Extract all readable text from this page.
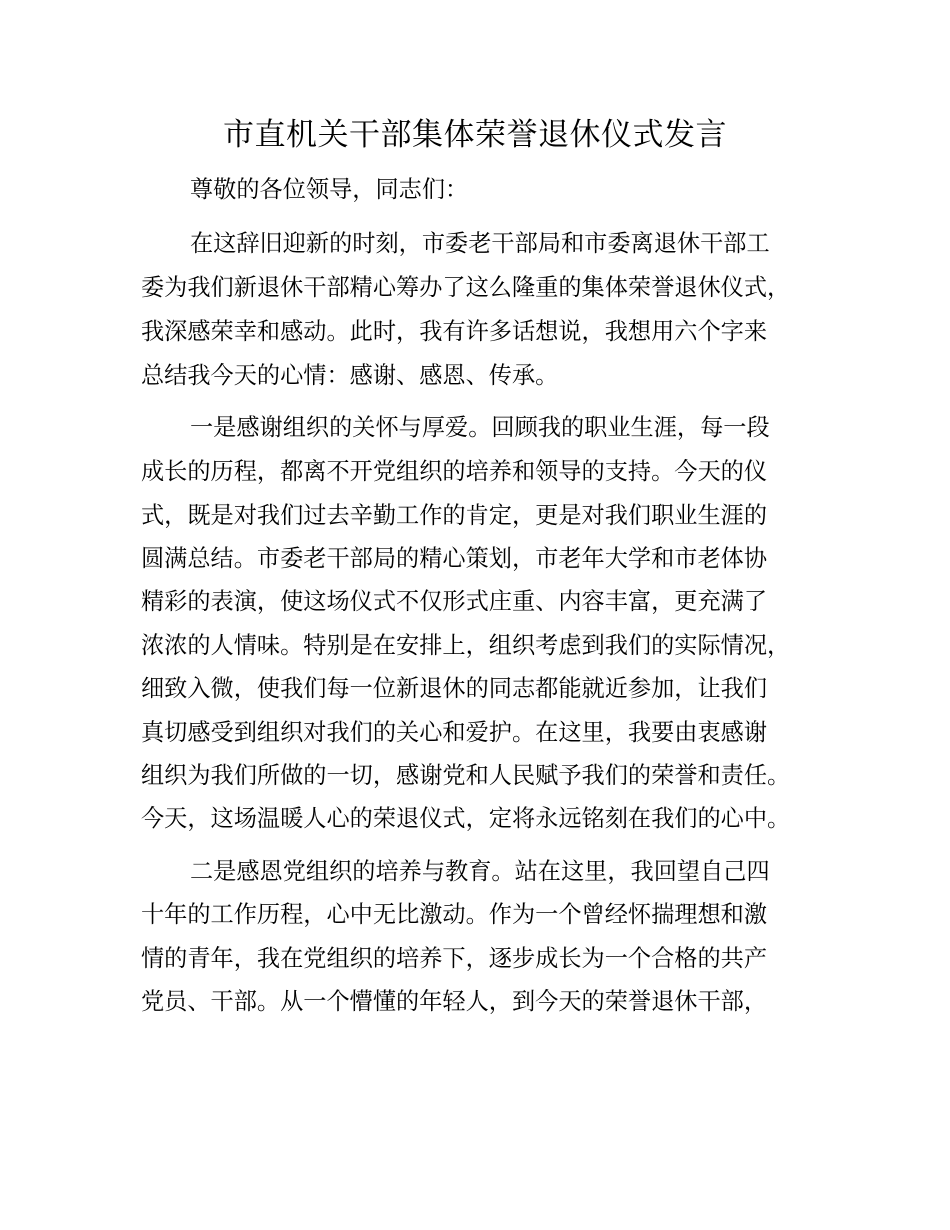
市直机关干部集体荣誉退休仪式发言
尊敬的各位领导，同志们：
在这辞旧迎新的时刻，市委老干部局和市委离退休干部工
委为我们新退休干部精心筹办了这么隆重的集体荣誉退休仪式，
我深感荣幸和感动。此时，我有许多话想说，我想用六个字来
总结我今天的心情：感谢、感恩、传承。
一是感谢组织的关怀与厚爱。回顾我的职业生涯，每一段
成长的历程，都离不开党组织的培养和领导的支持。今天的仪
式，既是对我们过去辛勤工作的肯定，更是对我们职业生涯的
圆满总结。市委老干部局的精心策划，市老年大学和市老体协
精彩的表演，使这场仪式不仅形式庄重、内容丰富，更充满了
浓浓的人情味。特别是在安排上，组织考虑到我们的实际情况，
细致入微，使我们每一位新退休的同志都能就近参加，让我们
真切感受到组织对我们的关心和爱护。在这里，我要由衷感谢
组织为我们所做的一切，感谢党和人民赋予我们的荣誉和责任。
今天，这场温暖人心的荣退仪式，定将永远铭刻在我们的心中。
二是感恩党组织的培养与教育。站在这里，我回望自己四
十年的工作历程，心中无比激动。作为一个曾经怀揣理想和激
情的青年，我在党组织的培养下，逐步成长为一个合格的共产
党员、干部。从一个懵懂的年轻人，到今天的荣誉退休干部，
